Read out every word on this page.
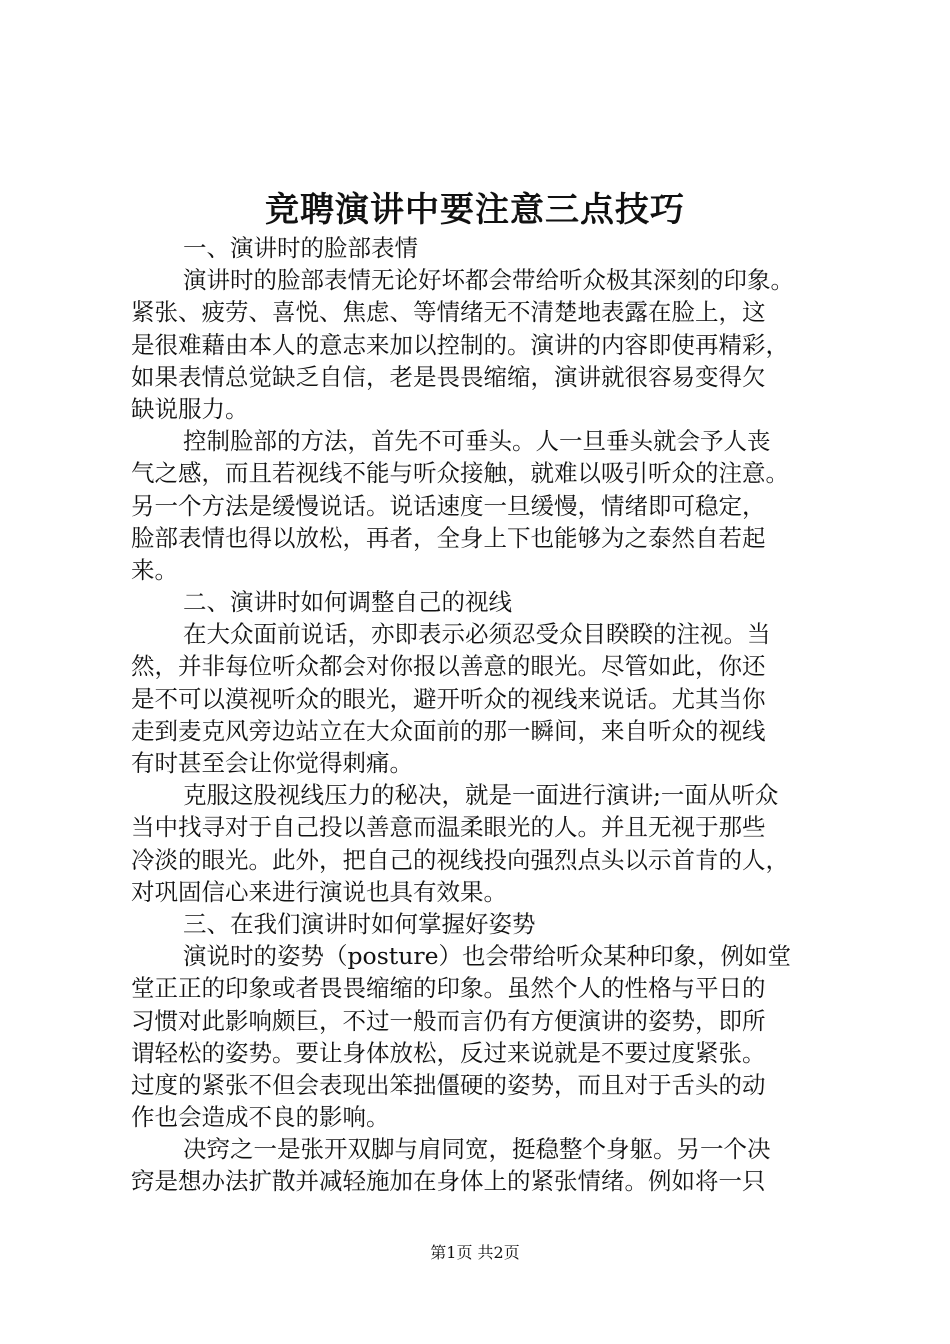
竞聘演讲中要注意三点技巧
一、演讲时的脸部表情
演讲时的脸部表情无论好坏都会带给听众极其深刻的印象。
紧张、疲劳、喜悦、焦虑、等情绪无不清楚地表露在脸上，这
是很难藉由本人的意志来加以控制的。演讲的内容即使再精彩，
如果表情总觉缺乏自信，老是畏畏缩缩，演讲就很容易变得欠
缺说服力。
控制脸部的方法，首先不可垂头。人一旦垂头就会予人丧
气之感，而且若视线不能与听众接触，就难以吸引听众的注意。
另一个方法是缓慢说话。说话速度一旦缓慢，情绪即可稳定，
脸部表情也得以放松，再者，全身上下也能够为之泰然自若起
来。
二、演讲时如何调整自己的视线
在大众面前说话，亦即表示必须忍受众目睽睽的注视。当
然，并非每位听众都会对你报以善意的眼光。尽管如此，你还
是不可以漠视听众的眼光，避开听众的视线来说话。尤其当你
走到麦克风旁边站立在大众面前的那一瞬间，来自听众的视线
有时甚至会让你觉得刺痛。
克服这股视线压力的秘决，就是一面进行演讲;一面从听众
当中找寻对于自己投以善意而温柔眼光的人。并且无视于那些
冷淡的眼光。此外，把自己的视线投向强烈点头以示首肯的人，
对巩固信心来进行演说也具有效果。
三、在我们演讲时如何掌握好姿势
演说时的姿势（posture）也会带给听众某种印象，例如堂
堂正正的印象或者畏畏缩缩的印象。虽然个人的性格与平日的
习惯对此影响颇巨，不过一般而言仍有方便演讲的姿势，即所
谓轻松的姿势。要让身体放松，反过来说就是不要过度紧张。
过度的紧张不但会表现出笨拙僵硬的姿势，而且对于舌头的动
作也会造成不良的影响。
决窍之一是张开双脚与肩同宽，挺稳整个身躯。另一个决
窍是想办法扩散并减轻施加在身体上的紧张情绪。例如将一只
第1页 共2页
